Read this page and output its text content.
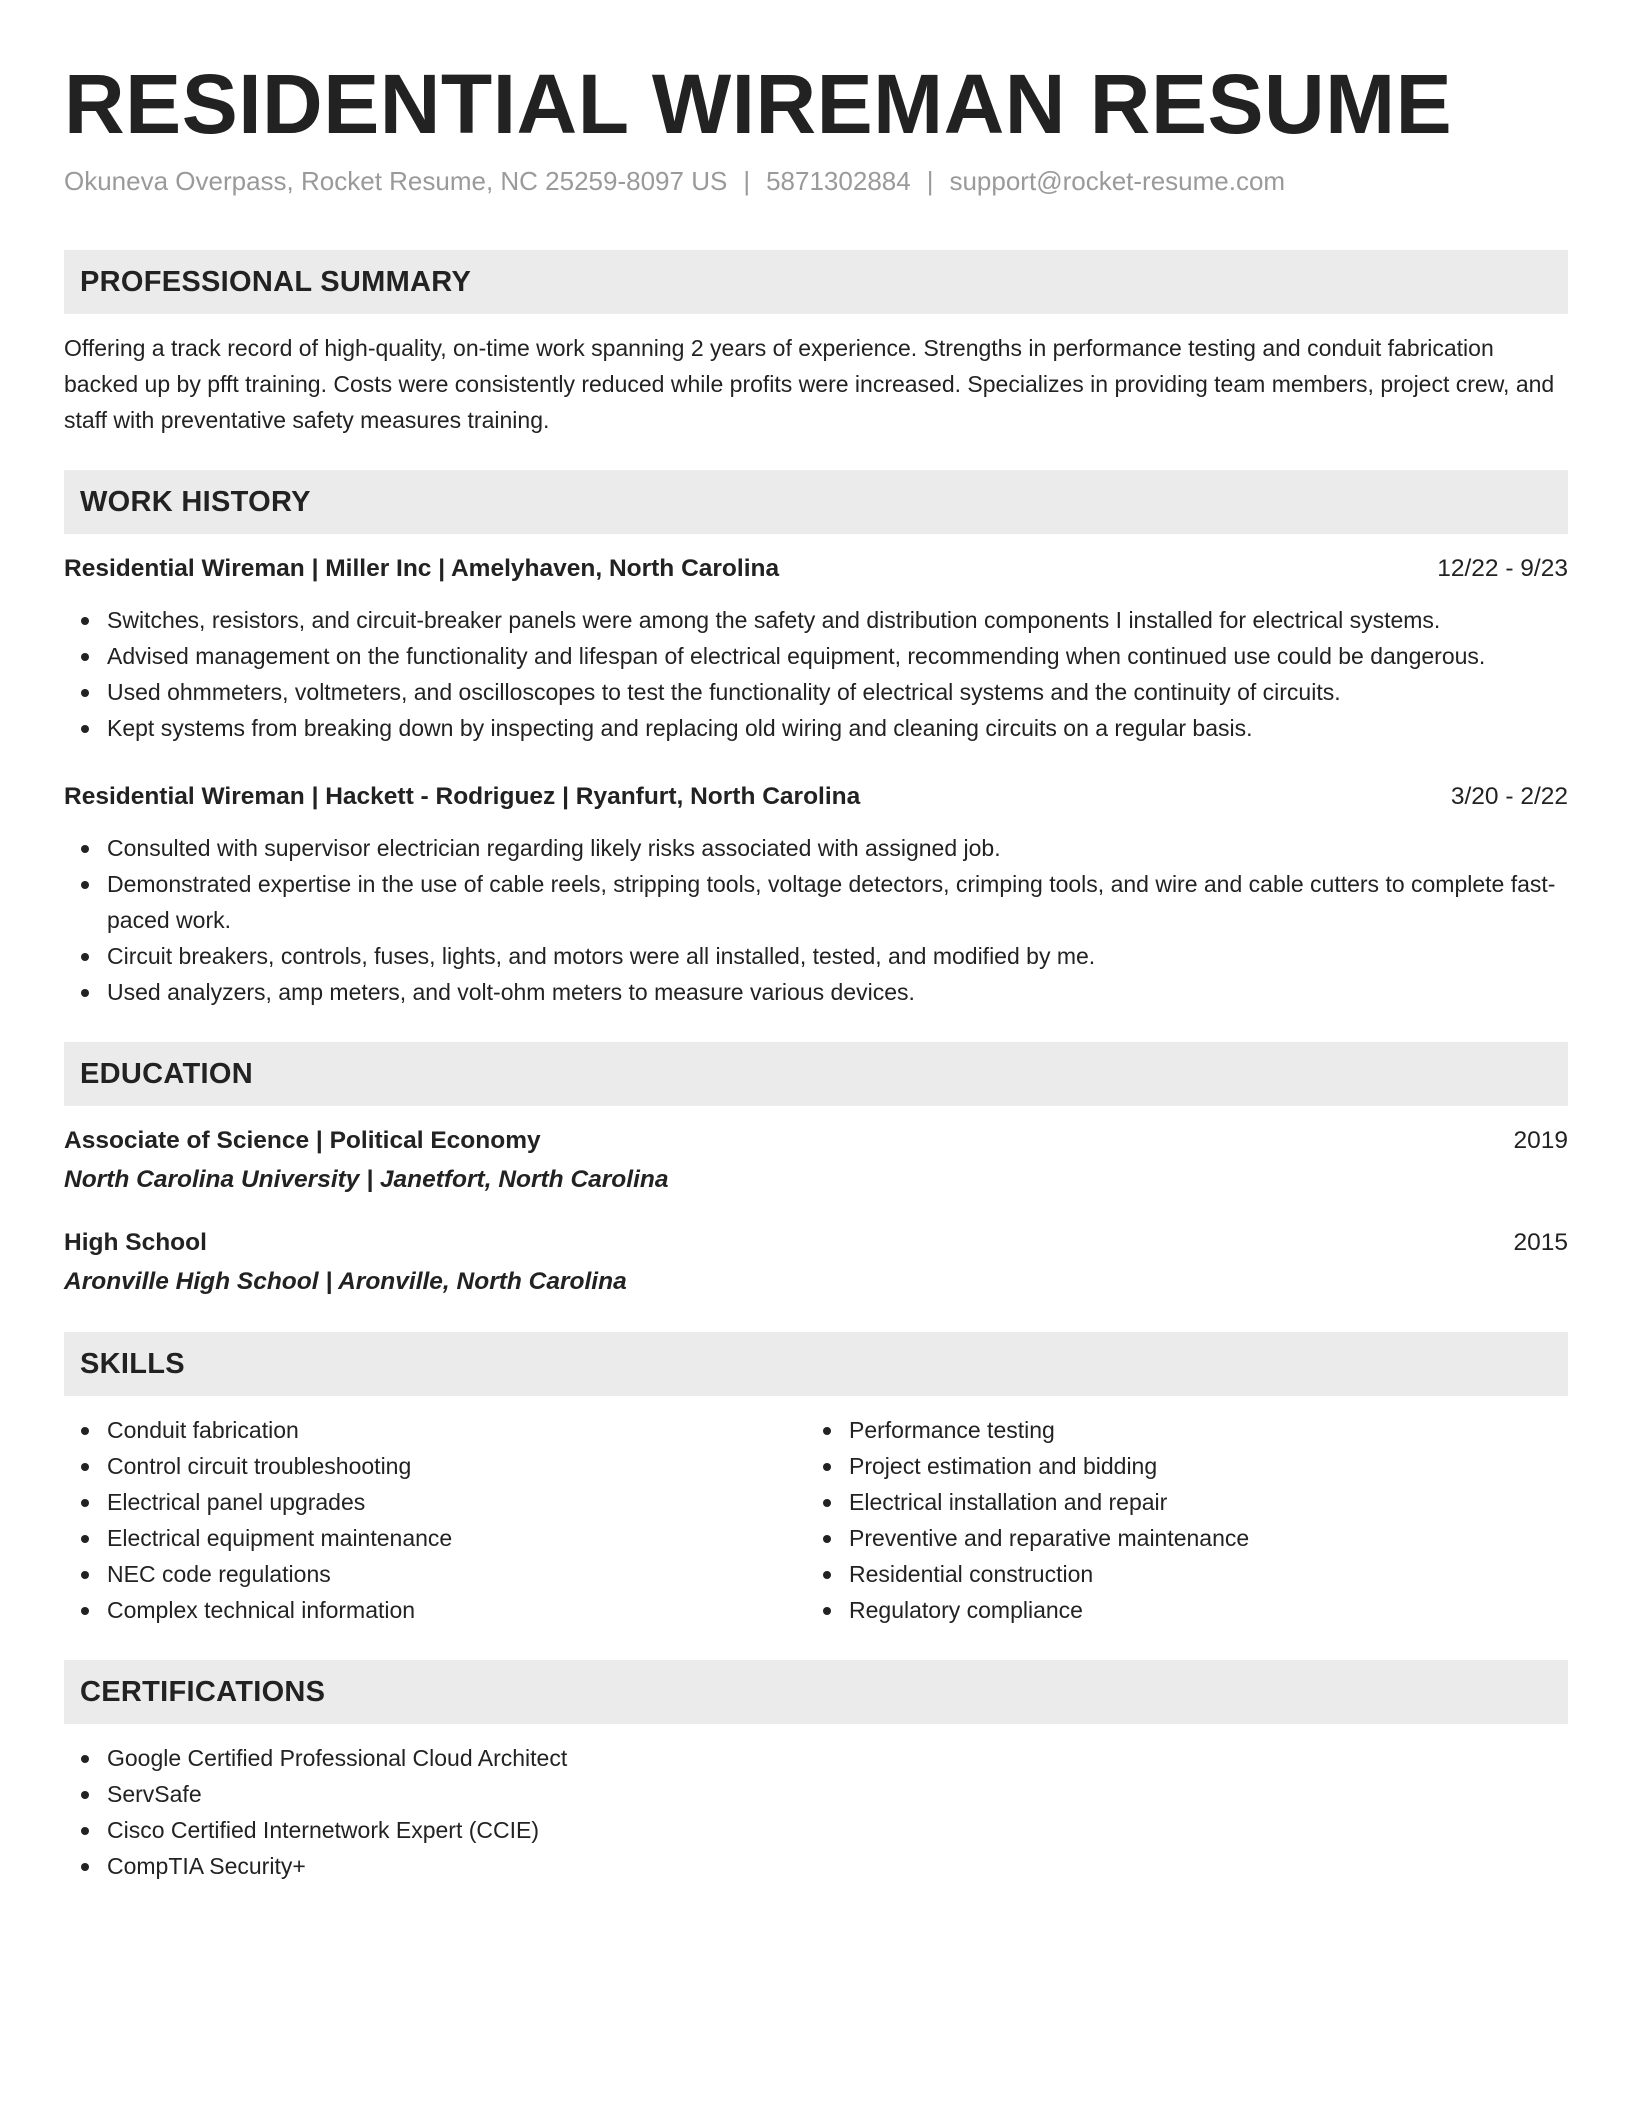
RESIDENTIAL WIREMAN RESUME
Okuneva Overpass, Rocket Resume, NC 25259-8097 US | 5871302884 | support@rocket-resume.com
PROFESSIONAL SUMMARY
Offering a track record of high-quality, on-time work spanning 2 years of experience. Strengths in performance testing and conduit fabrication backed up by pfft training. Costs were consistently reduced while profits were increased. Specializes in providing team members, project crew, and staff with preventative safety measures training.
WORK HISTORY
Residential Wireman | Miller Inc | Amelyhaven, North Carolina	12/22 - 9/23
Switches, resistors, and circuit-breaker panels were among the safety and distribution components I installed for electrical systems.
Advised management on the functionality and lifespan of electrical equipment, recommending when continued use could be dangerous.
Used ohmmeters, voltmeters, and oscilloscopes to test the functionality of electrical systems and the continuity of circuits.
Kept systems from breaking down by inspecting and replacing old wiring and cleaning circuits on a regular basis.
Residential Wireman | Hackett - Rodriguez | Ryanfurt, North Carolina	3/20 - 2/22
Consulted with supervisor electrician regarding likely risks associated with assigned job.
Demonstrated expertise in the use of cable reels, stripping tools, voltage detectors, crimping tools, and wire and cable cutters to complete fast-paced work.
Circuit breakers, controls, fuses, lights, and motors were all installed, tested, and modified by me.
Used analyzers, amp meters, and volt-ohm meters to measure various devices.
EDUCATION
Associate of Science | Political Economy	2019
North Carolina University | Janetfort, North Carolina
High School	2015
Aronville High School | Aronville, North Carolina
SKILLS
Conduit fabrication
Control circuit troubleshooting
Electrical panel upgrades
Electrical equipment maintenance
NEC code regulations
Complex technical information
Performance testing
Project estimation and bidding
Electrical installation and repair
Preventive and reparative maintenance
Residential construction
Regulatory compliance
CERTIFICATIONS
Google Certified Professional Cloud Architect
ServSafe
Cisco Certified Internetwork Expert (CCIE)
CompTIA Security+
